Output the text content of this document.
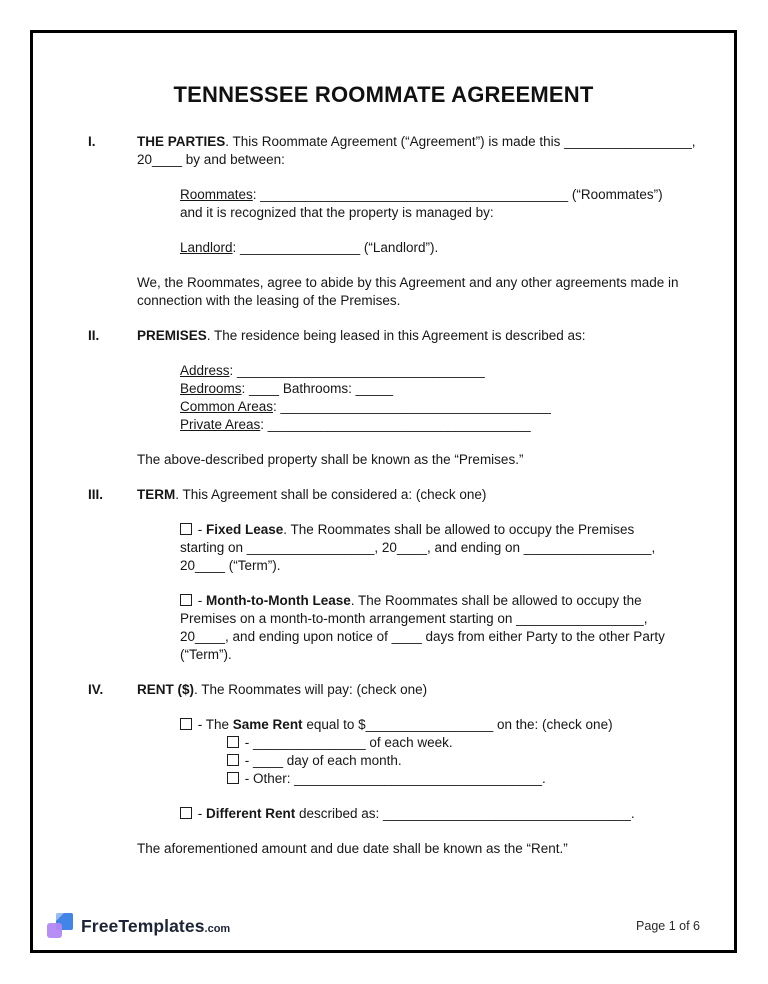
TENNESSEE ROOMMATE AGREEMENT
I.	THE PARTIES. This Roommate Agreement (“Agreement”) is made this _________________, 20____ by and between:
Roommates: _________________________________________ (“Roommates”) and it is recognized that the property is managed by:
Landlord: ________________ (“Landlord”).
We, the Roommates, agree to abide by this Agreement and any other agreements made in connection with the leasing of the Premises.
II.	PREMISES. The residence being leased in this Agreement is described as:
Address: _________________________________
Bedrooms: ____ Bathrooms: _____
Common Areas: ____________________________________
Private Areas: ___________________________________
The above-described property shall be known as the “Premises.”
III.	TERM. This Agreement shall be considered a: (check one)
- Fixed Lease. The Roommates shall be allowed to occupy the Premises starting on _________________, 20____, and ending on _________________, 20____ (“Term”).
- Month-to-Month Lease. The Roommates shall be allowed to occupy the Premises on a month-to-month arrangement starting on _________________, 20____, and ending upon notice of ____ days from either Party to the other Party (“Term”).
IV.	RENT ($). The Roommates will pay: (check one)
- The Same Rent equal to $_________________ on the: (check one)
- _______________ of each week.
- ____ day of each month.
- Other: _________________________________.
- Different Rent described as: _________________________________.
The aforementioned amount and due date shall be known as the “Rent.”
FreeTemplates.com	Page 1 of 6
